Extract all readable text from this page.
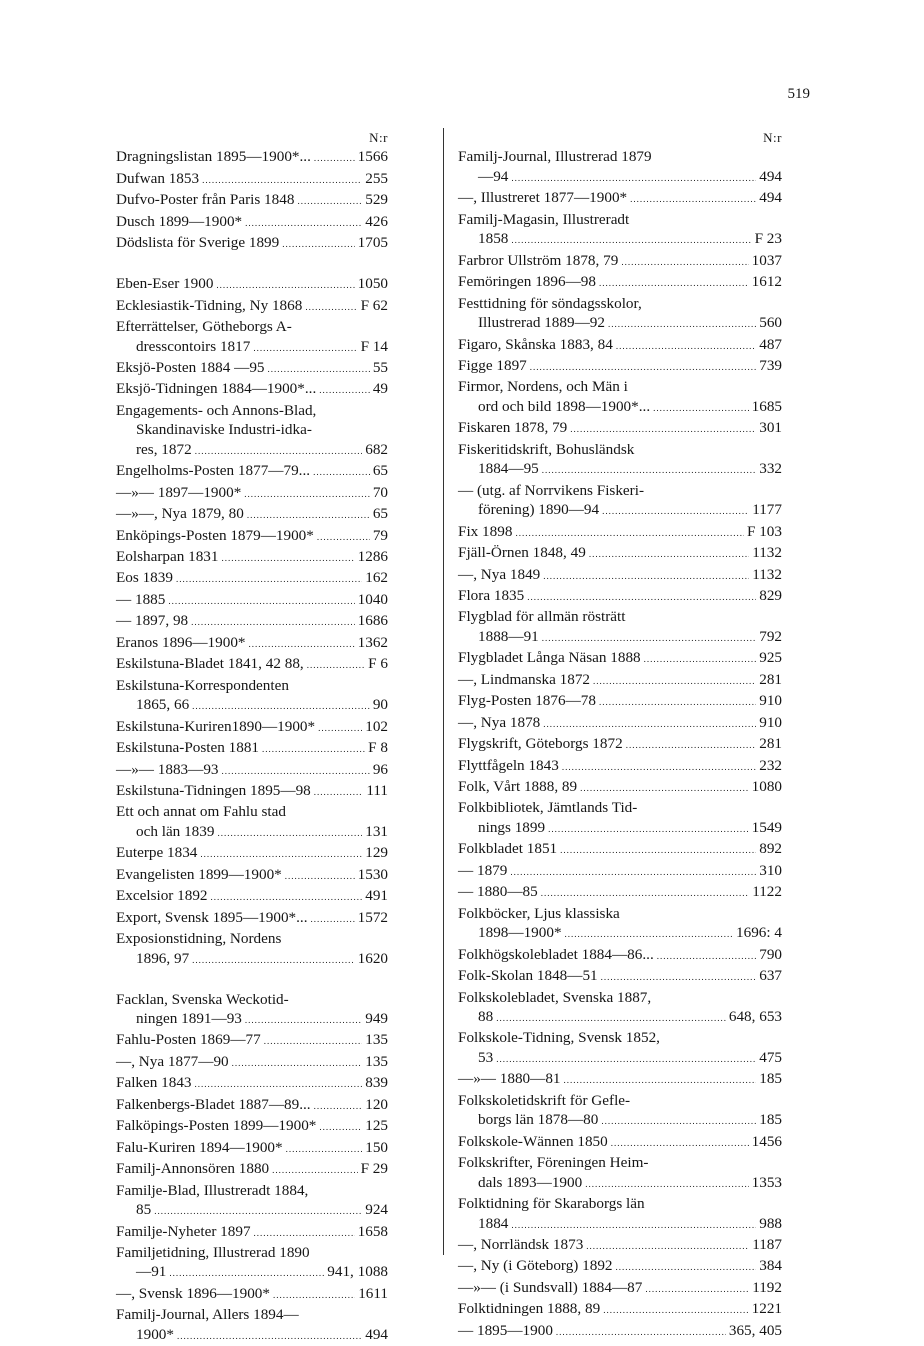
519
N:r
Dragningslistan 1895—1900*... .....	1566
Dufwan 1853 .....	255
Dufvo-Poster från Paris 1848 .....	529
Dusch 1899—1900* .....	426
Dödslista för Sverige 1899 .....	1705
Eben-Eser 1900 .....	1050
Ecklesiastik-Tidning, Ny 1868 .....	F 62
Efterrättelser, Götheborgs A-
dresscontoirs 1817 .....	F 14
Eksjö-Posten 1884 —95 .....	55
Eksjö-Tidningen 1884—1900*... .....	49
Engagements- och Annons-Blad,
Skandinaviske Industri-idka-
res, 1872 .....	682
Engelholms-Posten 1877—79... .....	65
—»— 1897—1900* .....	70
—»—, Nya 1879, 80 .....	65
Enköpings-Posten 1879—1900* .....	79
Eolsharpan 1831 .....	1286
Eos 1839 .....	162
— 1885 .....	1040
— 1897, 98 .....	1686
Eranos 1896—1900* .....	1362
Eskilstuna-Bladet 1841, 42 88, .....	F 6
Eskilstuna-Korrespondenten
1865, 66 .....	90
Eskilstuna-Kuriren1890—1900* .....	102
Eskilstuna-Posten 1881 .....	F 8
—»— 1883—93 .....	96
Eskilstuna-Tidningen 1895—98 .....	111
Ett och annat om Fahlu stad
och län 1839 .....	131
Euterpe 1834 .....	129
Evangelisten 1899—1900* .....	1530
Excelsior 1892 .....	491
Export, Svensk 1895—1900*... .....	1572
Exposionstidning, Nordens
1896, 97 .....	1620
Facklan, Svenska Weckotid-
ningen 1891—93 .....	949
Fahlu-Posten 1869—77 .....	135
—, Nya 1877—90 .....	135
Falken 1843 .....	839
Falkenbergs-Bladet 1887—89... .....	120
Falköpings-Posten 1899—1900* .....	125
Falu-Kuriren 1894—1900* .....	150
Familj-Annonsören 1880 .....	F 29
Familje-Blad, Illustreradt 1884,
85 .....	924
Familje-Nyheter 1897 .....	1658
Familjetidning, Illustrerad 1890
—91 .....	941, 1088
—, Svensk 1896—1900* .....	1611
Familj-Journal, Allers 1894—
1900* .....	494
N:r
Familj-Journal, Illustrerad 1879
—94 .....	494
—, Illustreret 1877—1900* .....	494
Familj-Magasin, Illustreradt
1858 .....	F 23
Farbror Ullström 1878, 79 .....	1037
Femöringen 1896—98 .....	1612
Festtidning för söndagsskolor,
Illustrerad 1889—92 .....	560
Figaro, Skånska 1883, 84 .....	487
Figge 1897 .....	739
Firmor, Nordens, och Män i
ord och bild 1898—1900*... .....	1685
Fiskaren 1878, 79 .....	301
Fiskeritidskrift, Bohusländsk
1884—95 .....	332
— (utg. af Norrvikens Fiskeri-
förening) 1890—94 .....	1177
Fix 1898 .....	F 103
Fjäll-Örnen 1848, 49 .....	1132
—, Nya 1849 .....	1132
Flora 1835 .....	829
Flygblad för allmän rösträtt
1888—91 .....	792
Flygbladet Långa Näsan 1888 .....	925
—, Lindmanska 1872 .....	281
Flyg-Posten 1876—78 .....	910
—, Nya 1878 .....	910
Flygskrift, Göteborgs 1872 .....	281
Flyttfågeln 1843 .....	232
Folk, Vårt 1888, 89 .....	1080
Folkbibliotek, Jämtlands Tid-
nings 1899 .....	1549
Folkbladet 1851 .....	892
— 1879 .....	310
— 1880—85 .....	1122
Folkböcker, Ljus klassiska
1898—1900* .....	1696: 4
Folkhögskolebladet 1884—86... .....	790
Folk-Skolan 1848—51 .....	637
Folkskolebladet, Svenska 1887,
88 .....	648, 653
Folkskole-Tidning, Svensk 1852,
53 .....	475
—»— 1880—81 .....	185
Folkskoletidskrift för Gefle-
borgs län 1878—80 .....	185
Folkskole-Wännen 1850 .....	1456
Folkskrifter, Föreningen Heim-
dals 1893—1900 .....	1353
Folktidning för Skaraborgs län
1884 .....	988
—, Norrländsk 1873 .....	1187
—, Ny (i Göteborg) 1892 .....	384
—»— (i Sundsvall) 1884—87 .....	1192
Folktidningen 1888, 89 .....	1221
— 1895—1900 .....	365, 405
